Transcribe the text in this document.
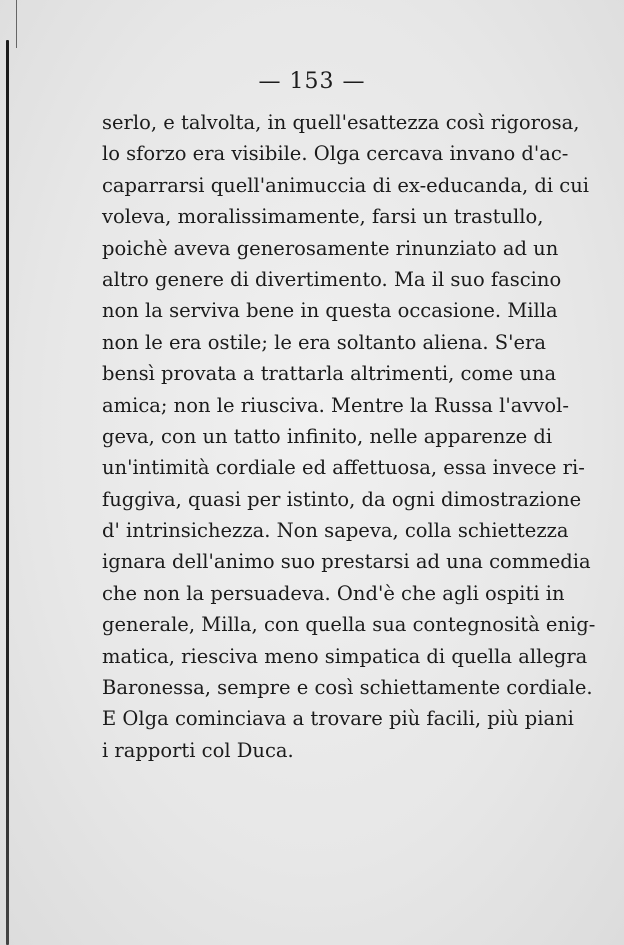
— 153 —
serlo, e talvolta, in quell'esattezza così rigorosa,
lo sforzo era visibile. Olga cercava invano d'ac-
caparrarsi quell'animuccia di ex-educanda, di cui
voleva, moralissimamente, farsi un trastullo,
poichè aveva generosamente rinunziato ad un
altro genere di divertimento. Ma il suo fascino
non la serviva bene in questa occasione. Milla
non le era ostile; le era soltanto aliena. S'era
bensì provata a trattarla altrimenti, come una
amica; non le riusciva. Mentre la Russa l'avvol-
geva, con un tatto infinito, nelle apparenze di
un'intimità cordiale ed affettuosa, essa invece ri-
fuggiva, quasi per istinto, da ogni dimostrazione
d' intrinsichezza. Non sapeva, colla schiettezza
ignara dell'animo suo prestarsi ad una commedia
che non la persuadeva. Ond'è che agli ospiti in
generale, Milla, con quella sua contegnosità enig-
matica, riesciva meno simpatica di quella allegra
Baronessa, sempre e così schiettamente cordiale.
E Olga cominciava a trovare più facili, più piani
i rapporti col Duca.
